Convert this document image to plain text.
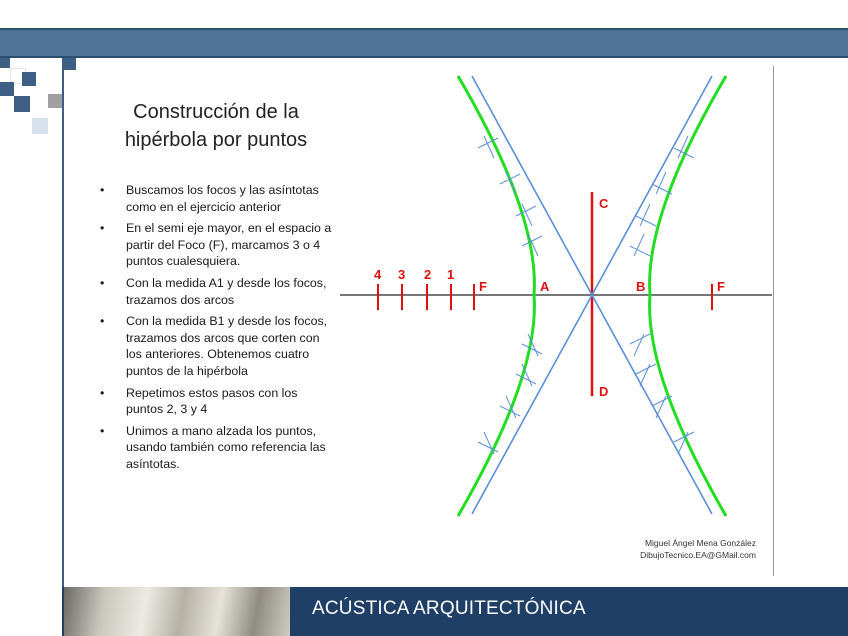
Construcción de la
hipérbola por puntos
• Buscamos los focos y las asíntotas como en el ejercicio anterior
• En el semi eje mayor, en el espacio a partir del Foco (F), marcamos 3 o 4 puntos cualesquiera.
• Con la medida A1 y desde los focos, trazamos dos arcos
• Con la medida B1 y desde los focos, trazamos dos arcos que corten con los anteriores. Obtenemos cuatro puntos de la hipérbola
• Repetimos estos pasos con los puntos 2, 3 y 4
• Unimos a mano alzada los puntos, usando también como referencia las asíntotas.
4 3 2 1
F	A	B	F
C
D
Miguel Ángel Mena González
DibujoTecnico.EA@GMail.com
ACÚSTICA ARQUITECTÓNICA
